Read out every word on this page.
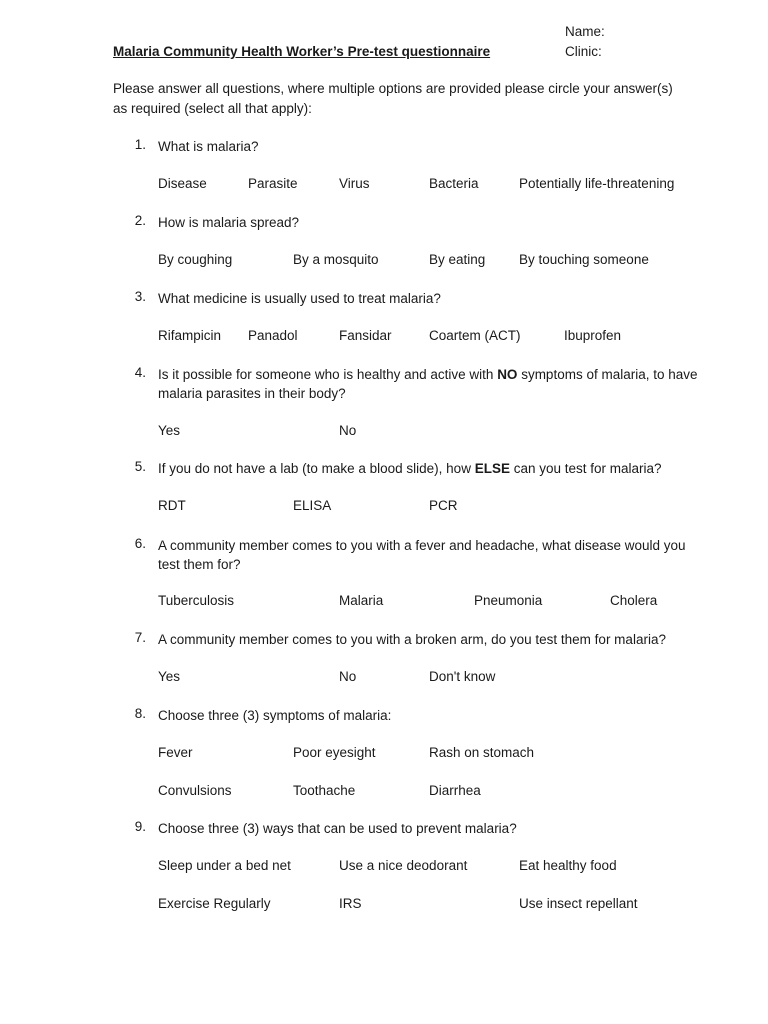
Name:
Clinic:
Malaria Community Health Worker’s Pre-test questionnaire
Please answer all questions, where multiple options are provided please circle your answer(s)
as required (select all that apply):
1. What is malaria?
Disease	Parasite	Virus	Bacteria	Potentially life-threatening
2. How is malaria spread?
By coughing	By a mosquito	By eating By touching someone
3. What medicine is usually used to treat malaria?
Rifampicin Panadol	Fansidar	Coartem (ACT)	Ibuprofen
4. Is it possible for someone who is healthy and active with NO symptoms of malaria, to have malaria parasites in their body?
Yes	No
5. If you do not have a lab (to make a blood slide), how ELSE can you test for malaria?
RDT	ELISA	PCR
6. A community member comes to you with a fever and headache, what disease would you test them for?
Tuberculosis	Malaria	Pneumonia	Cholera
7. A community member comes to you with a broken arm, do you test them for malaria?
Yes	No	Don't know
8. Choose three (3) symptoms of malaria:
Fever	Poor eyesight	Rash on stomach
Convulsions	Toothache	Diarrhea
9. Choose three (3) ways that can be used to prevent malaria?
Sleep under a bed net	Use a nice deodorant	Eat healthy food
Exercise Regularly	IRS	Use insect repellant
